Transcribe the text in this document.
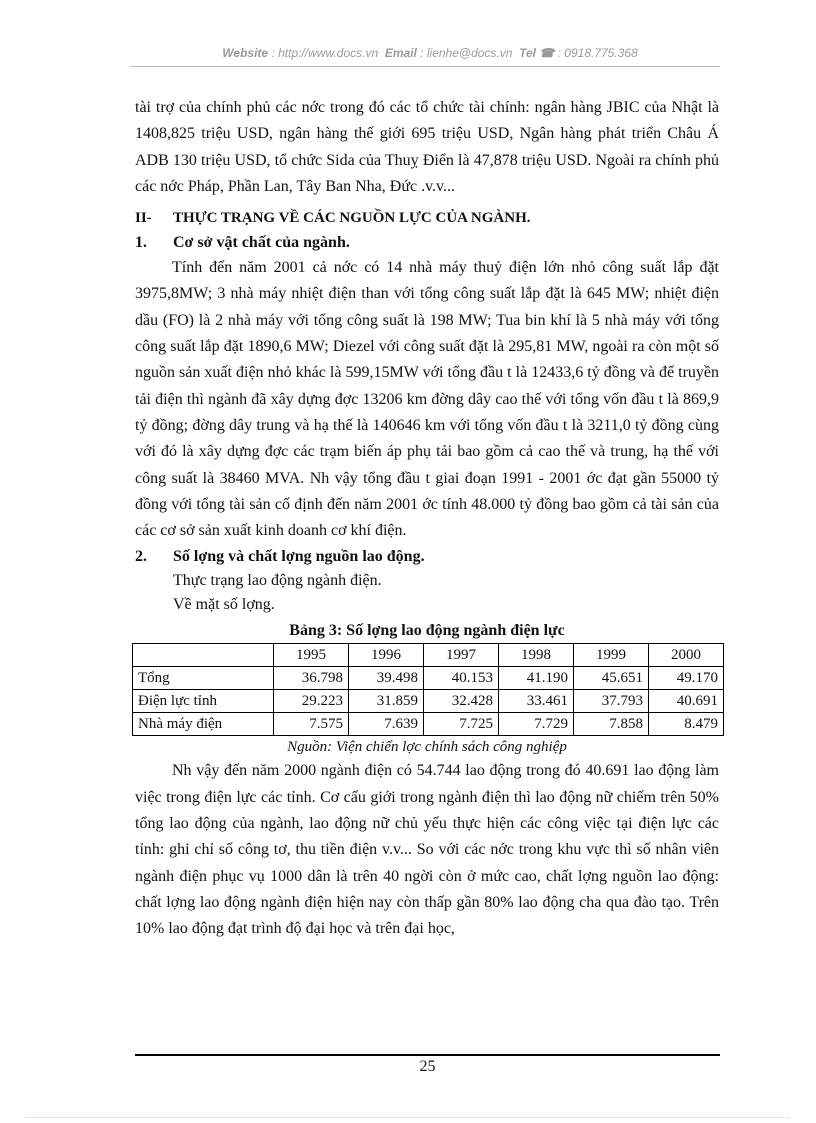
Website : http://www.docs.vn Email : lienhe@docs.vn Tel ☎ : 0918.775.368

tài trợ của chính phủ các nớc trong đó các tổ chức tài chính: ngân hàng JBIC của Nhật là 1408,825 triệu USD, ngân hàng thế giới 695 triệu USD, Ngân hàng phát triển Châu Á ADB 130 triệu USD, tổ chức Sida của Thuỵ Điển là 47,878 triệu USD. Ngoài ra chính phủ các nớc Pháp, Phần Lan, Tây Ban Nha, Đức .v.v...

II- THỰC TRẠNG VỀ CÁC NGUỒN LỰC CỦA NGÀNH.

1. Cơ sở vật chất của ngành.

Tính đến năm 2001 cả nớc có 14 nhà máy thuỷ điện lớn nhỏ công suất lắp đặt 3975,8MW; 3 nhà máy nhiệt điện than với tổng công suất lắp đặt là 645 MW; nhiệt điện dầu (FO) là 2 nhà máy với tổng công suất là 198 MW; Tua bin khí là 5 nhà máy với tổng công suất lắp đặt 1890,6 MW; Diezel với công suất đặt là 295,81 MW, ngoài ra còn một số nguồn sản xuất điện nhỏ khác là 599,15MW với tổng đầu t là 12433,6 tỷ đồng và để truyền tải điện thì ngành đã xây dựng đợc 13206 km đờng dây cao thế với tổng vốn đầu t là 869,9 tỷ đồng; đờng dây trung và hạ thế là 140646 km với tổng vốn đầu t là 3211,0 tỷ đồng cùng với đó là xây dựng đợc các trạm biến áp phụ tải bao gồm cả cao thế và trung, hạ thế với công suất là 38460 MVA. Nh vậy tổng đầu t giai đoạn 1991 - 2001 ớc đạt gần 55000 tỷ đồng với tổng tài sản cố định đến năm 2001 ớc tính 48.000 tỷ đồng bao gồm cả tài sản của các cơ sở sản xuất kinh doanh cơ khí điện.

2. Số lợng và chất lợng nguồn lao động.

Thực trạng lao động ngành điện.

Về mặt số lợng.

Bảng 3: Số lợng lao động ngành điện lực

	1995	1996	1997	1998	1999	2000
Tổng	36.798	39.498	40.153	41.190	45.651	49.170
Điện lực tỉnh	29.223	31.859	32.428	33.461	37.793	40.691
Nhà máy điện	7.575	7.639	7.725	7.729	7.858	8.479

Nguồn: Viện chiến lợc chính sách công nghiệp

Nh vậy đến năm 2000 ngành điện có 54.744 lao động trong đó 40.691 lao động làm việc trong điện lực các tỉnh. Cơ cấu giới trong ngành điện thì lao động nữ chiếm trên 50% tổng lao động của ngành, lao động nữ chủ yếu thực hiện các công việc tại điện lực các tỉnh: ghi chỉ số công tơ, thu tiền điện v.v... So với các nớc trong khu vực thì số nhân viên ngành điện phục vụ 1000 dân là trên 40 ngời còn ở mức cao, chất lợng nguồn lao động: chất lợng lao động ngành điện hiện nay còn thấp gần 80% lao động cha qua đào tạo. Trên 10% lao động đạt trình độ đại học và trên đại học,

25
